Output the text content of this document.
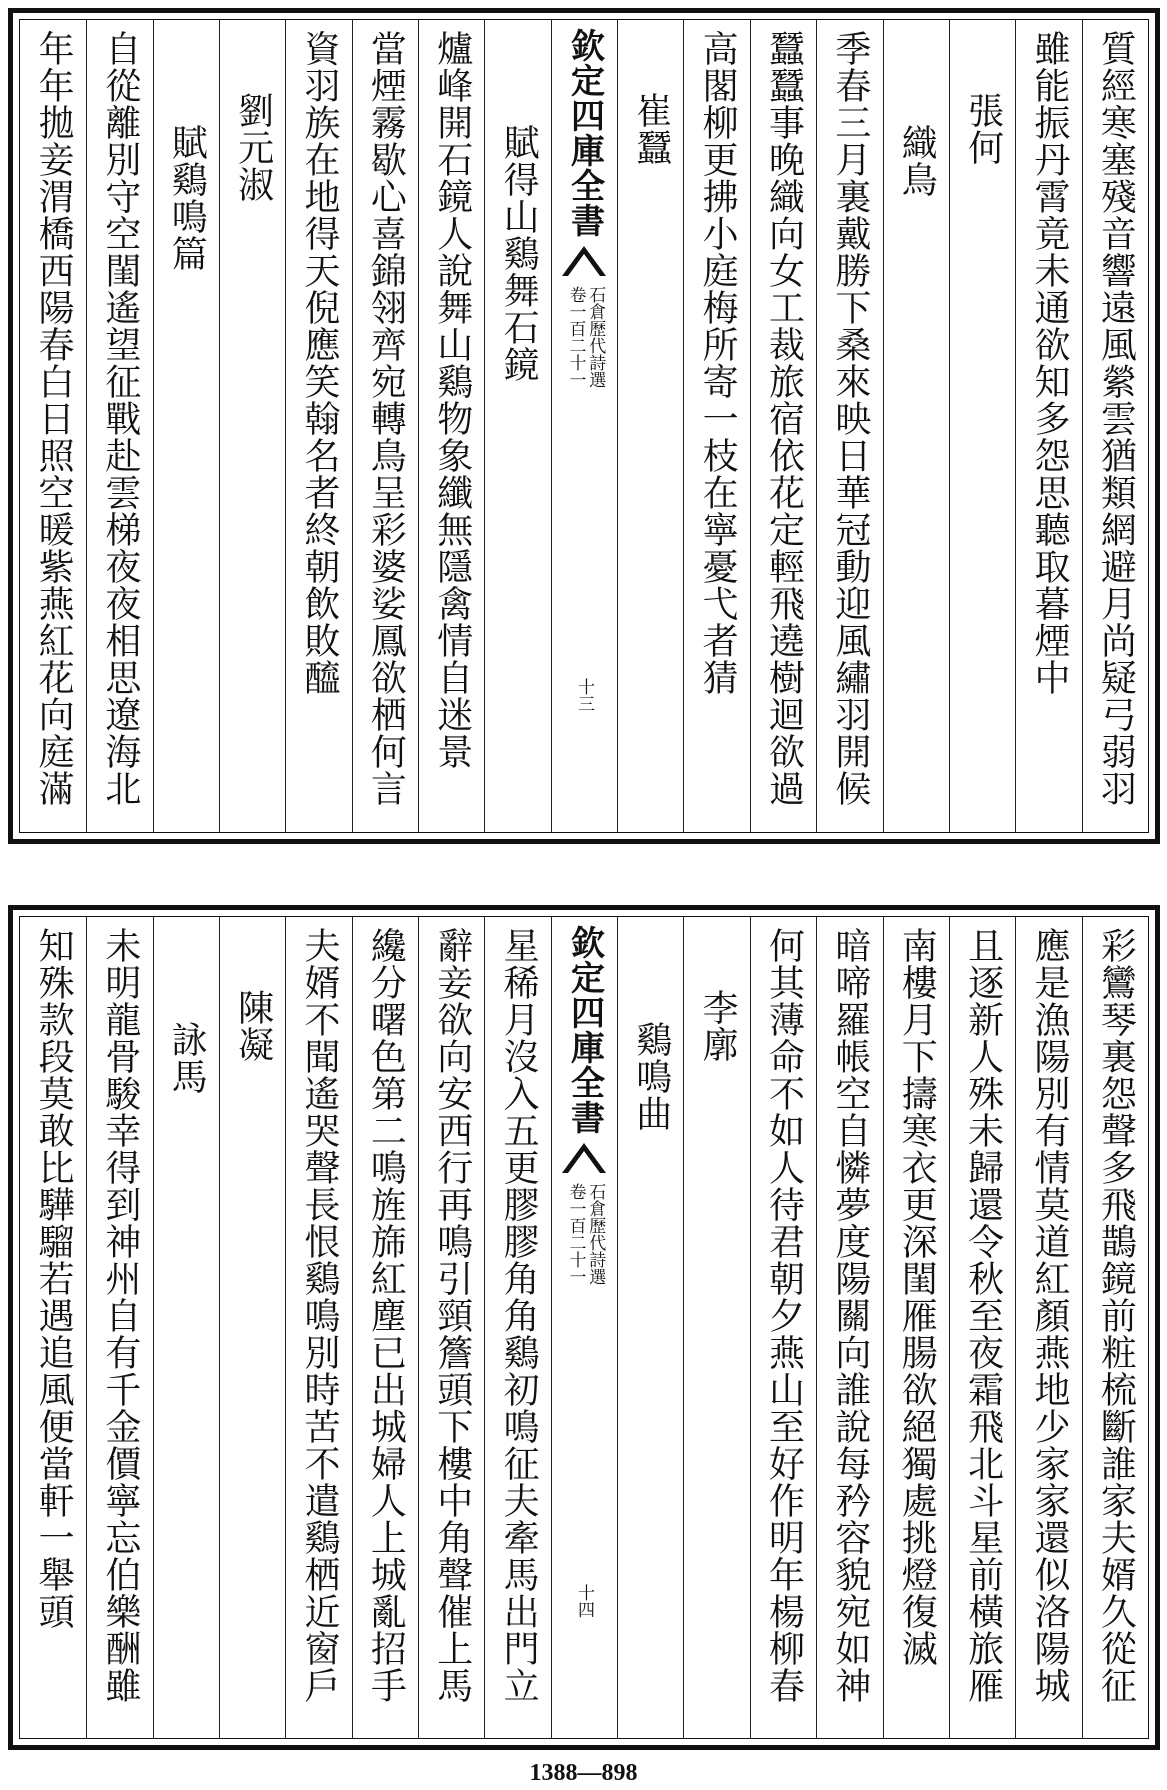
質經寒塞殘音響遠風縈雲猶類網避月尚疑弓弱羽
雖能振丹霄竟未通欲知多怨思聽取暮煙中
張何
織鳥
季春三月裏戴勝下桑來映日華冠動迎風繡羽開候
蠶蠶事晚織向女工裁旅宿依花定輕飛遶樹迴欲過
高閣柳更拂小庭梅所寄一枝在寧憂弋者猜
崔蠶
欽定四庫全書
石倉歷代詩選
卷一百二十一
十三
賦得山鷄舞石鏡
爐峰開石鏡人說舞山鷄物象纖無隱禽情自迷景
當煙霧歇心喜錦翎齊宛轉鳥呈彩婆娑鳳欲栖何言
資羽族在地得天倪應笑翰名者終朝飲敗醯
劉元淑
賦鷄鳴篇
自從離別守空閨遙望征戰赴雲梯夜夜相思遼海北
年年拋妾渭橋西陽春白日照空暖紫燕紅花向庭滿
彩鸞琴裏怨聲多飛鵲鏡前粧梳斷誰家夫婿久從征
應是漁陽別有情莫道紅顏燕地少家家還似洛陽城
且逐新人殊未歸還令秋至夜霜飛北斗星前橫旅雁
南樓月下擣寒衣更深閨雁腸欲絕獨處挑燈復滅
暗啼羅帳空自憐夢度陽關向誰說每矜容貌宛如神
何其薄命不如人待君朝夕燕山至好作明年楊柳春
李廓
鷄鳴曲
欽定四庫全書
石倉歷代詩選
卷一百二十一
十四
星稀月沒入五更膠膠角角鷄初鳴征夫牽馬出門立
辭妾欲向安西行再鳴引頸簷頭下樓中角聲催上馬
纔分曙色第二鳴旌旆紅塵已出城婦人上城亂招手
夫婿不聞遙哭聲長恨鷄鳴別時苦不遣鷄栖近窗戶
陳凝
詠馬
未明龍骨駿幸得到神州自有千金價寧忘伯樂酬雖
知殊款段莫敢比驊騮若遇追風便當軒一舉頭
1388—898
